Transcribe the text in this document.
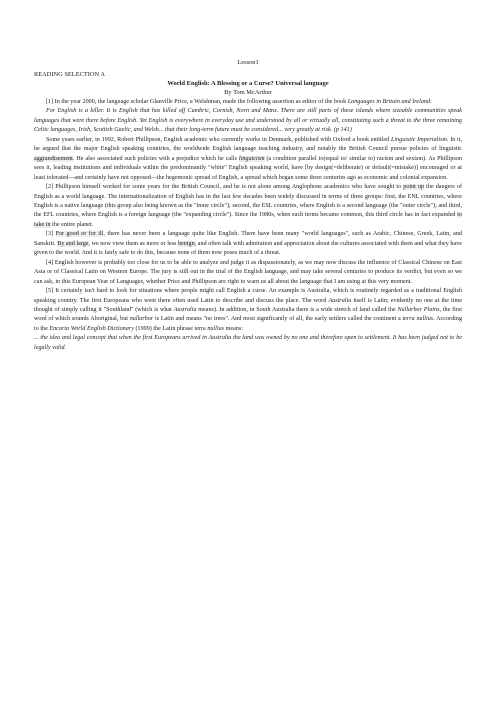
Lesson1
READING SELECTION A
World English: A Blessing or a Curse? Universal language
By Tom McArthur

[1] In the year 2000, the language scholar Glanville Price, a Welshman, made the following assertion as editor of the book Languages in Britain and Ireland:

For English is a killer. It is English that has killed off Cumbric, Cornish, Norn and Manx. There are still parts of these islands where sizeable communities speak languages that were there before English. Yet English is everywhere in everyday use and understood by all or virtually all, constituting such a threat to the three remaining Celtic languages, Irish, Scottish Gaelic, and Welsh... that their long-term future must be considered... very greatly at risk. (p 141)

Some years earlier, in 1992, Robert Phillipson, English academic who currently works in Denmark, published with Oxford a book entitled Linguistic Imperialism. In it, he argued that the major English speaking countries, the worldwide English language teaching industry, and notably the British Council pursue policies of linguistic aggrandisement. He also associated such policies with a prejudice which he calls linguicism (a condition parallel to(equal to/ similar to) racism and sexism). As Phillipson sees it, leading institutions and individuals within the predominantly "white" English speaking world, have [by design(=deliberate) or default(=mistake)] encouraged or at least tolerated—and certainly have not opposed—the hegemonic spread of English, a spread which began some three centuries ago as economic and colonial expansion.

[2] Phillipson himself worked for some years for the British Council, and he is not alone among Anglophone academics who have sought to point up the dangers of English as a world language. The internationalization of English has in the last few decades been widely discussed in terms of three groups: first, the ENL countries, where English is a native language (this group also being known as the "inner circle"); second, the ESL countries, where English is a second language (the "outer circle"); and third, the EFL countries, where English is a foreign language (the "expanding circle"). Since the 1980s, when such terms became common, this third circle has in fact expanded to take in the entire planet.

[3] For good or for ill, there has never been a language quite like English. There have been many "world languages", such as Arabic, Chinese, Greek, Latin, and Sanskrit. By and large, we now view them as more or less benign, and often talk with admiration and appreciation about the cultures associated with them and what they have given to the world. And it is fairly safe to do this, because none of them now poses much of a threat.

[4] English however is probably too close for us to be able to analyze and judge it as dispassionately, as we may now discuss the influence of Classical Chinese on East Asia or of Classical Latin on Western Europe. The jury is still out in the trial of the English language, and may take several centuries to produce its verdict, but even so we can ask, in this European Year of Languages, whether Price and Phillipson are right to warn us all about the language that I am using at this very moment.

[5] It certainly isn't hard to look for situations where people might call English a curse. An example is Australia, which is routinely regarded as a traditional English speaking country. The first Europeans who went there often used Latin to describe and discuss the place. The word Australia itself is Latin; evidently no one at the time thought of simply calling it "Southland" (which is what Australia means). In addition, in South Australia there is a wide stretch of land called the Nullarbor Plains, the first word of which sounds Aboriginal, but nullarbor is Latin and means "no trees". And most significantly of all, the early settlers called the continent a terra nullius. According to the Encarta World English Dictionary (1999) the Latin phrase terra nullius means:

... the idea and legal concept that when the first Europeans arrived in Australia the land was owned by no one and therefore open to settlement. It has been judged not to be legally valid.
